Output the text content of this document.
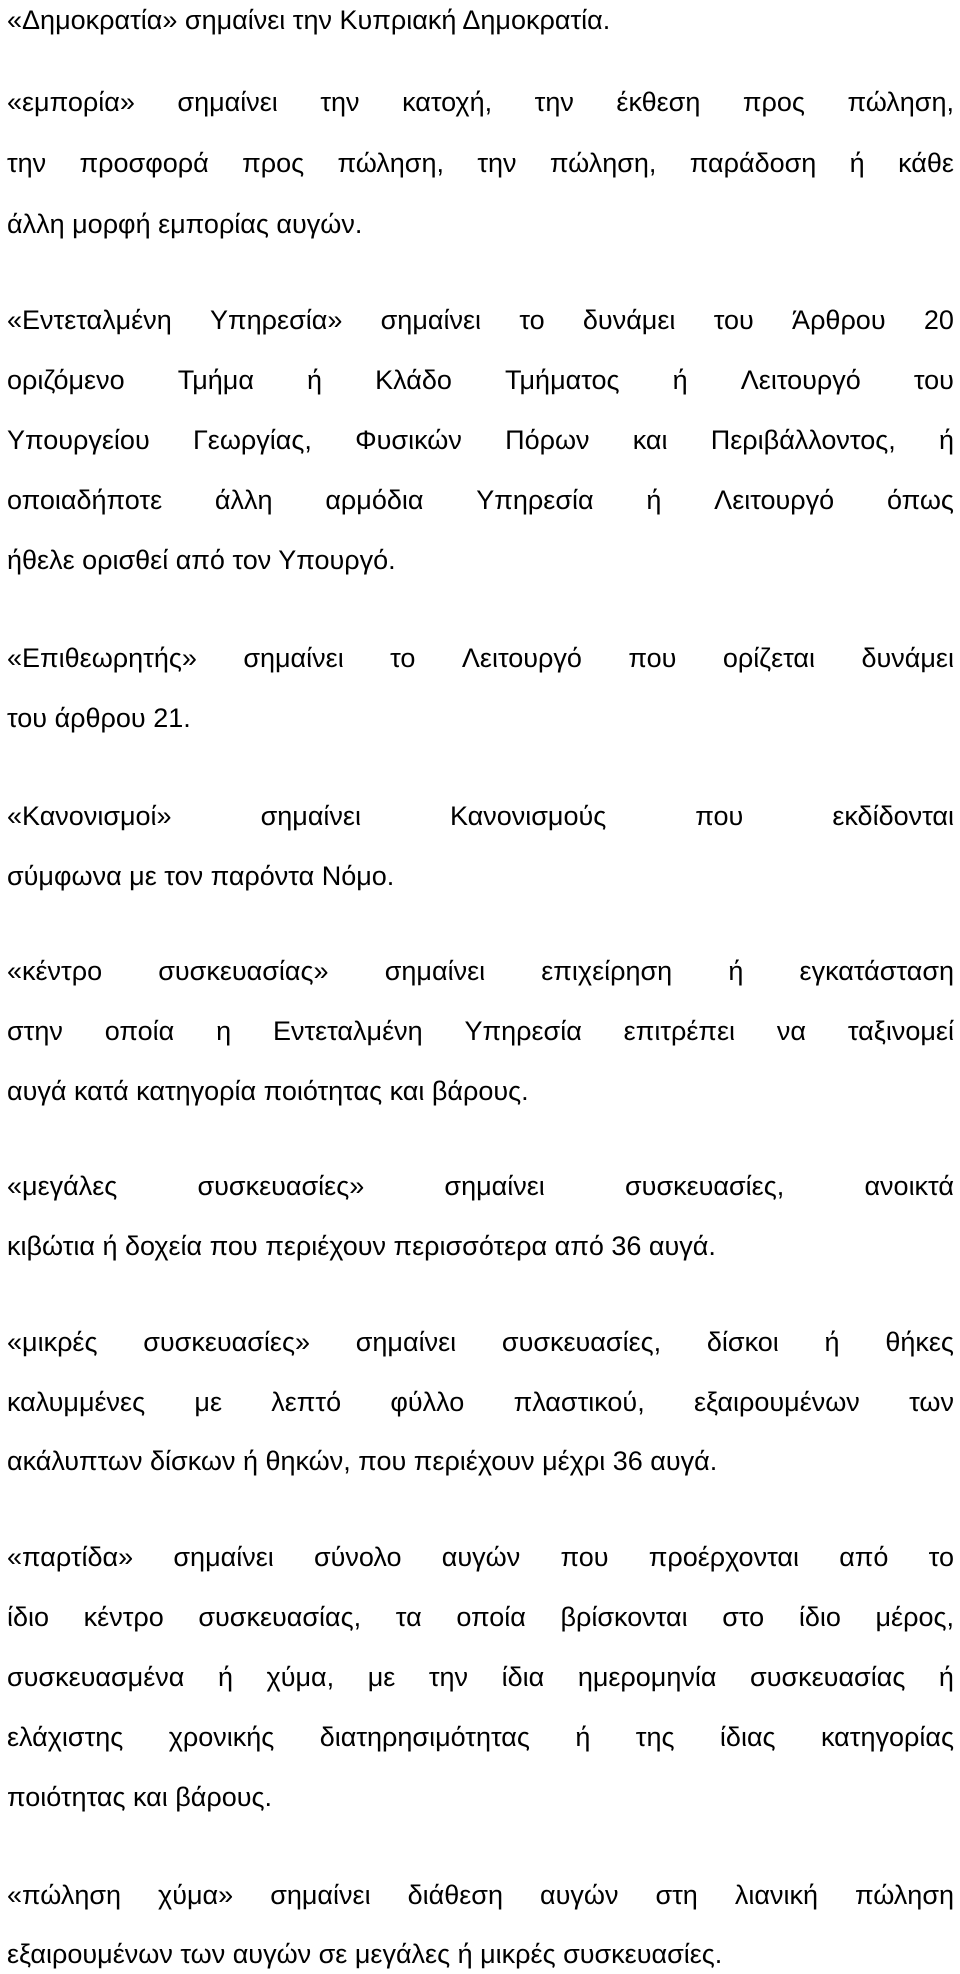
«Δημοκρατία» σημαίνει την Κυπριακή Δημοκρατία.
«εμπορία» σημαίνει την κατοχή, την έκθεση προς πώληση,
την προσφορά προς πώληση, την πώληση, παράδοση ή κάθε
άλλη μορφή εμπορίας αυγών.
«Εντεταλμένη Υπηρεσία» σημαίνει το δυνάμει του Άρθρου 20
οριζόμενο Τμήμα ή Κλάδο Τμήματος ή Λειτουργό του
Υπουργείου Γεωργίας, Φυσικών Πόρων και Περιβάλλοντος, ή
οποιαδήποτε άλλη αρμόδια Υπηρεσία ή Λειτουργό όπως
ήθελε ορισθεί από τον Υπουργό.
«Επιθεωρητής» σημαίνει το Λειτουργό που ορίζεται δυνάμει
του άρθρου 21.
«Κανονισμοί»	σημαίνει	Κανονισμούς	που	εκδίδονται
σύμφωνα με τον παρόντα Νόμο.
«κέντρο συσκευασίας» σημαίνει επιχείρηση ή εγκατάσταση
στην οποία η Εντεταλμένη Υπηρεσία επιτρέπει να ταξινομεί
αυγά κατά κατηγορία ποιότητας και βάρους.
«μεγάλες	συσκευασίες»	σημαίνει	συσκευασίες,	ανοικτά
κιβώτια ή δοχεία που περιέχουν περισσότερα από 36 αυγά.
«μικρές συσκευασίες» σημαίνει συσκευασίες, δίσκοι ή θήκες
καλυμμένες με λεπτό φύλλο πλαστικού, εξαιρουμένων των
ακάλυπτων δίσκων ή θηκών, που περιέχουν μέχρι 36 αυγά.
«παρτίδα» σημαίνει σύνολο αυγών που προέρχονται από το
ίδιο κέντρο συσκευασίας, τα οποία βρίσκονται στο ίδιο μέρος,
συσκευασμένα ή χύμα, με την ίδια ημερομηνία συσκευασίας ή
ελάχιστης χρονικής διατηρησιμότητας ή της ίδιας κατηγορίας
ποιότητας και βάρους.
«πώληση χύμα» σημαίνει διάθεση αυγών στη λιανική πώληση
εξαιρουμένων των αυγών σε μεγάλες ή μικρές συσκευασίες.
